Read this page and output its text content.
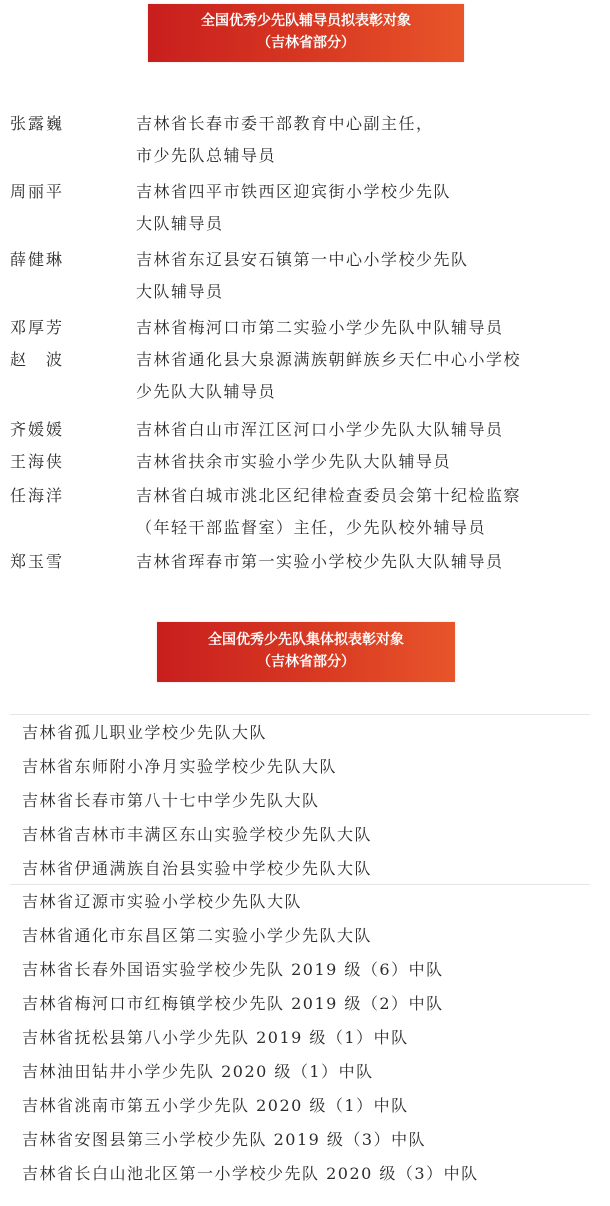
全国优秀少先队辅导员拟表彰对象
（吉林省部分）
张露巍	吉林省长春市委干部教育中心副主任，
市少先队总辅导员
周丽平	吉林省四平市铁西区迎宾街小学校少先队
大队辅导员
薛健琳	吉林省东辽县安石镇第一中心小学校少先队
大队辅导员
邓厚芳	吉林省梅河口市第二实验小学少先队中队辅导员
赵　波	吉林省通化县大泉源满族朝鲜族乡天仁中心小学校
少先队大队辅导员
齐媛媛	吉林省白山市浑江区河口小学少先队大队辅导员
王海侠	吉林省扶余市实验小学少先队大队辅导员
任海洋	吉林省白城市洮北区纪律检查委员会第十纪检监察
（年轻干部监督室）主任，少先队校外辅导员
郑玉雪	吉林省珲春市第一实验小学校少先队大队辅导员
全国优秀少先队集体拟表彰对象
（吉林省部分）
吉林省孤儿职业学校少先队大队
吉林省东师附小净月实验学校少先队大队
吉林省长春市第八十七中学少先队大队
吉林省吉林市丰满区东山实验学校少先队大队
吉林省伊通满族自治县实验中学校少先队大队
吉林省辽源市实验小学校少先队大队
吉林省通化市东昌区第二实验小学少先队大队
吉林省长春外国语实验学校少先队 2019 级（6）中队
吉林省梅河口市红梅镇学校少先队 2019 级（2）中队
吉林省抚松县第八小学少先队 2019 级（1）中队
吉林油田钻井小学少先队 2020 级（1）中队
吉林省洮南市第五小学少先队 2020 级（1）中队
吉林省安图县第三小学校少先队 2019 级（3）中队
吉林省长白山池北区第一小学校少先队 2020 级（3）中队
